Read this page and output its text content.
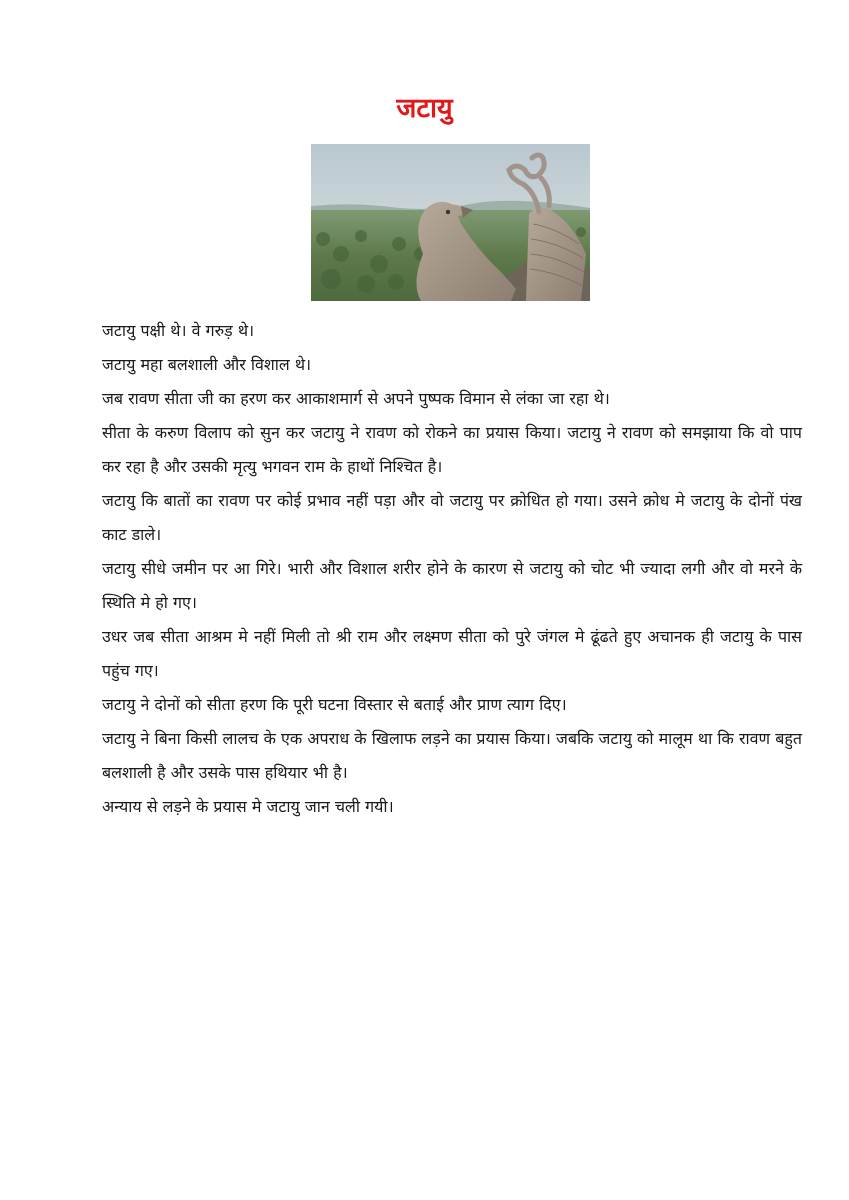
जटायु

जटायु पक्षी थे। वे गरुड़ थे।

जटायु महा बलशाली और विशाल थे।

जब रावण सीता जी का हरण कर आकाशमार्ग से अपने पुष्पक विमान से लंका जा रहा थे।

सीता के करुण विलाप को सुन कर जटायु ने रावण को रोकने का प्रयास किया। जटायु ने रावण को समझाया कि वो पाप कर रहा है और उसकी मृत्यु भगवन राम के हाथों निश्चित है।

जटायु कि बातों का रावण पर कोई प्रभाव नहीं पड़ा और वो जटायु पर क्रोधित हो गया। उसने क्रोध मे जटायु के दोनों पंख काट डाले।

जटायु सीधे जमीन पर आ गिरे। भारी और विशाल शरीर होने के कारण से जटायु को चोट भी ज्यादा लगी और वो मरने के स्थिति मे हो गए।

उधर जब सीता आश्रम मे नहीं मिली तो श्री राम और लक्ष्मण सीता को पुरे जंगल मे ढूंढते हुए अचानक ही जटायु के पास पहुंच गए।

जटायु ने दोनों को सीता हरण कि पूरी घटना विस्तार से बताई और प्राण त्याग दिए।

जटायु ने बिना किसी लालच के एक अपराध के खिलाफ लड़ने का प्रयास किया। जबकि जटायु को मालूम था कि रावण बहुत बलशाली है और उसके पास हथियार भी है।

अन्याय से लड़ने के प्रयास मे जटायु जान चली गयी।
